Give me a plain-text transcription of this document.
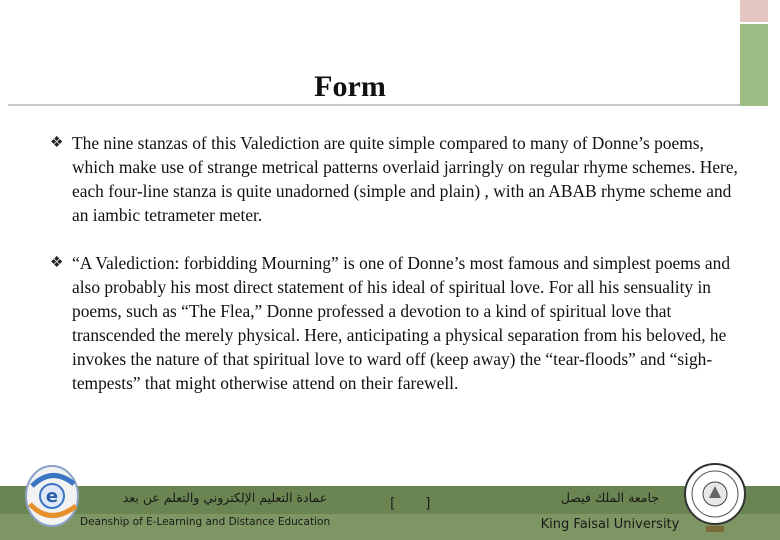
Form
❖ The nine stanzas of this Valediction are quite simple compared to many of Donne’s poems, which make use of strange metrical patterns overlaid jarringly on regular rhyme schemes. Here, each four-line stanza is quite unadorned (simple and plain) , with an ABAB rhyme scheme and an iambic tetrameter meter.
❖ “A Valediction: forbidding Mourning” is one of Donne’s most famous and simplest poems and also probably his most direct statement of his ideal of spiritual love. For all his sensuality in poems, such as “The Flea,” Donne professed a devotion to a kind of spiritual love that transcended the merely physical. Here, anticipating a physical separation from his beloved, he invokes the nature of that spiritual love to ward off (keep away) the “tear-floods” and “sigh-tempests” that might otherwise attend on their farewell.
عمادة التعليم الإلكتروني والتعلم عن بعد
Deanship of E-Learning and Distance Education
[ ]	جامعة الملك فيصل
King Faisal University
e
